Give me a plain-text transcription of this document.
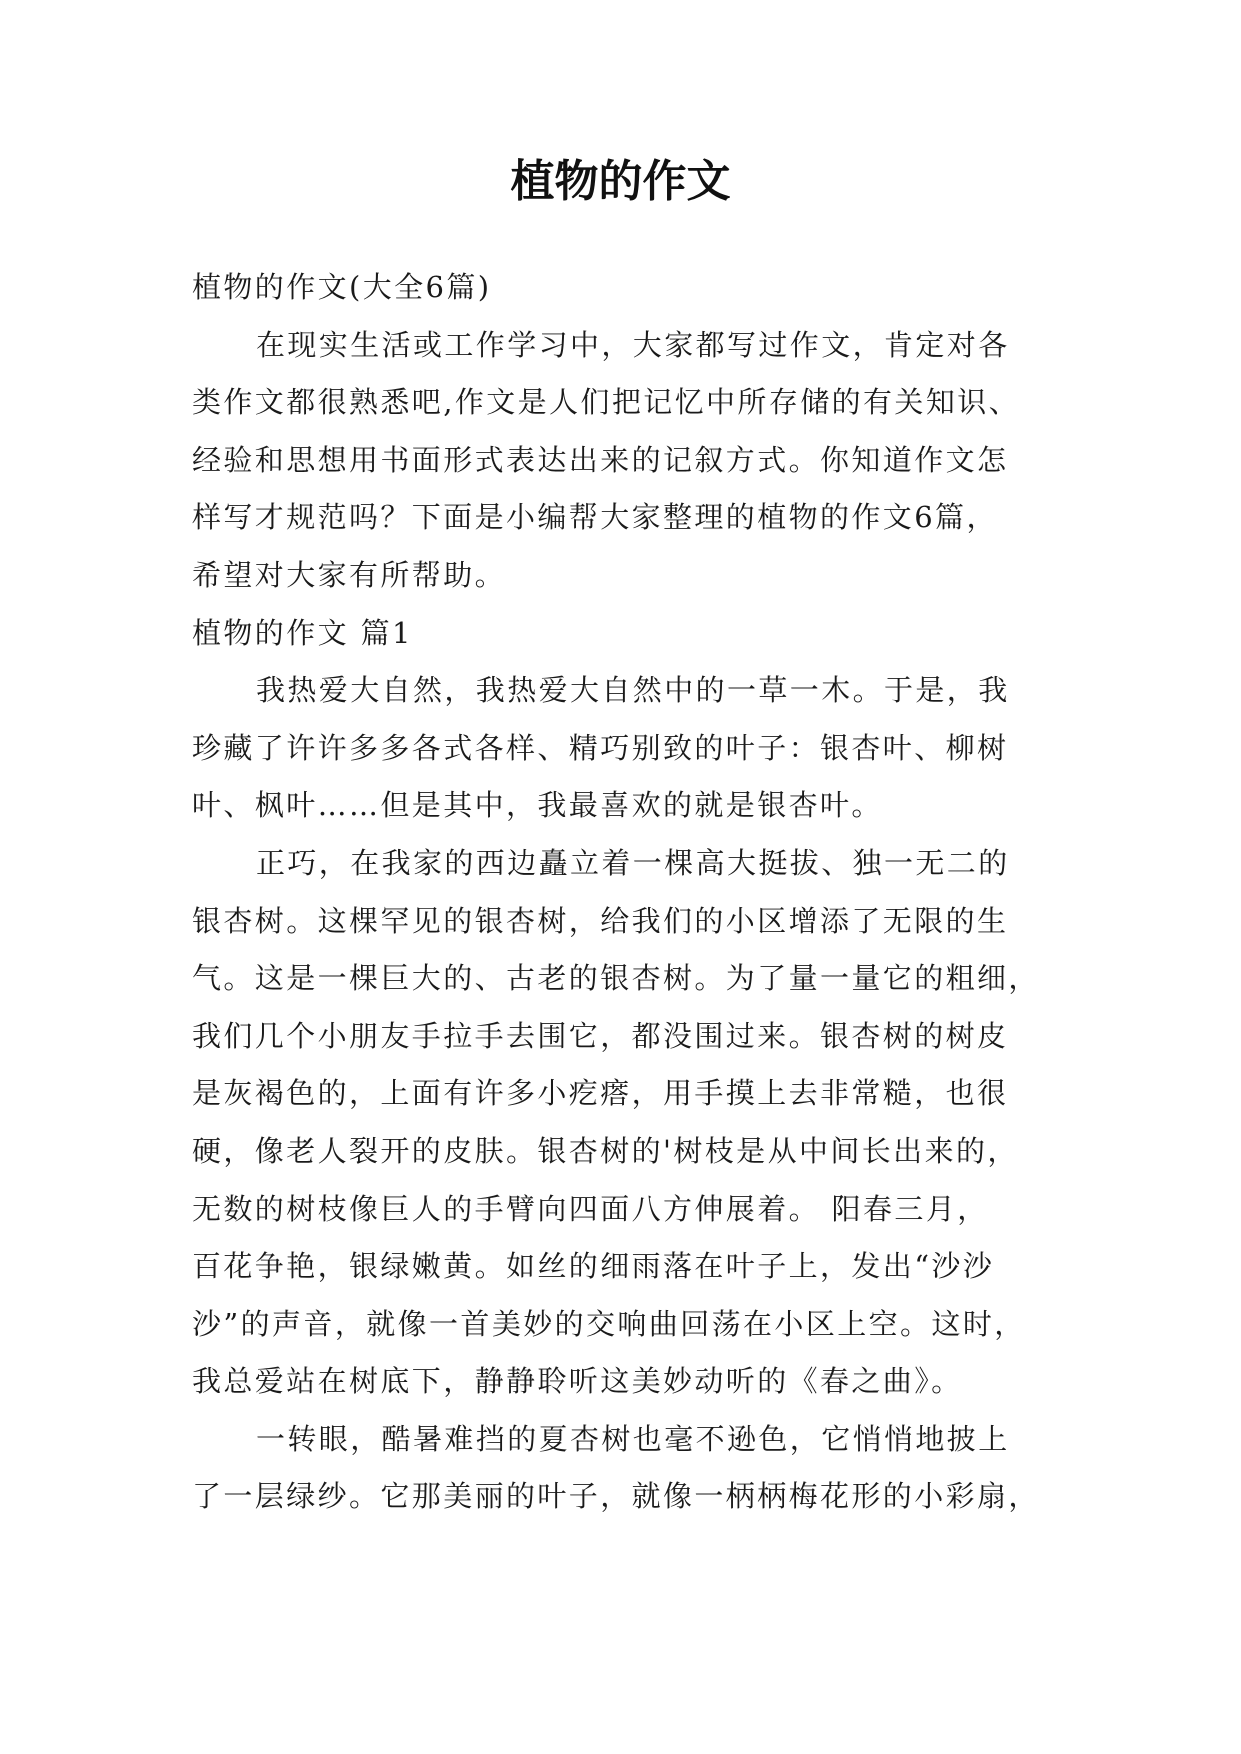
植物的作文
植物的作文(大全6篇)
在现实生活或工作学习中，大家都写过作文，肯定对各
类作文都很熟悉吧,作文是人们把记忆中所存储的有关知识、
经验和思想用书面形式表达出来的记叙方式。你知道作文怎
样写才规范吗？下面是小编帮大家整理的植物的作文6篇，
希望对大家有所帮助。
植物的作文 篇1
我热爱大自然，我热爱大自然中的一草一木。于是，我
珍藏了许许多多各式各样、精巧别致的叶子：银杏叶、柳树
叶、枫叶……但是其中，我最喜欢的就是银杏叶。
正巧，在我家的西边矗立着一棵高大挺拔、独一无二的
银杏树。这棵罕见的银杏树，给我们的小区增添了无限的生
气。这是一棵巨大的、古老的银杏树。为了量一量它的粗细，
我们几个小朋友手拉手去围它，都没围过来。银杏树的树皮
是灰褐色的，上面有许多小疙瘩，用手摸上去非常糙，也很
硬，像老人裂开的皮肤。银杏树的'树枝是从中间长出来的，
无数的树枝像巨人的手臂向四面八方伸展着。 阳春三月，
百花争艳，银绿嫩黄。如丝的细雨落在叶子上，发出“沙沙
沙”的声音，就像一首美妙的交响曲回荡在小区上空。这时，
我总爱站在树底下，静静聆听这美妙动听的《春之曲》。
一转眼，酷暑难挡的夏杏树也毫不逊色，它悄悄地披上
了一层绿纱。它那美丽的叶子，就像一柄柄梅花形的小彩扇，
